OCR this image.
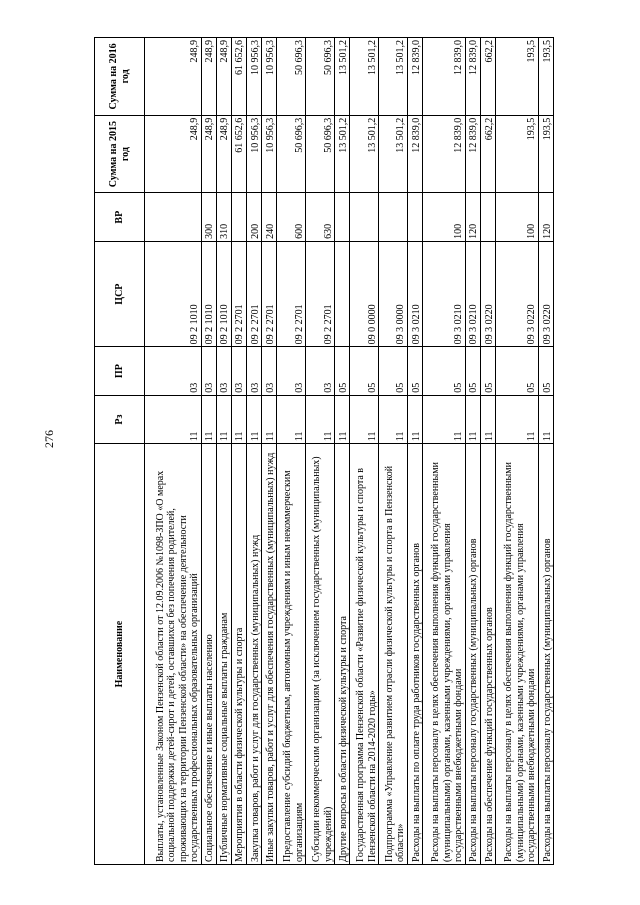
276
Наименование	Рз	ПР	ЦСР	ВР	Сумма на 2015 год	Сумма на 2016 год
Выплаты, установленные Законом Пензенской области от 12.09.2006 №1098-ЗПО «О мерах социальной поддержки детей-сирот и детей, оставшихся без попечения родителей, проживающих на территории Пензенской области» на обеспечение деятельности государственных профессиональных образовательных организаций	11	03	09 2 1010		248,9	248,9
Социальное обеспечение и иные выплаты населению	11	03	09 2 1010	300	248,9	248,9
Публичные нормативные социальные выплаты гражданам	11	03	09 2 1010	310	248,9	248,9
Мероприятия в области физической культуры и спорта	11	03	09 2 2701		61 652,6	61 652,6
Закупка товаров, работ и услуг для государственных (муниципальных) нужд	11	03	09 2 2701	200	10 956,3	10 956,3
Иные закупки товаров, работ и услуг для обеспечения государственных (муниципальных) нужд	11	03	09 2 2701	240	10 956,3	10 956,3
Предоставление субсидий бюджетным, автономным учреждениям и иным некоммерческим организациям	11	03	09 2 2701	600	50 696,3	50 696,3
Субсидии некоммерческим организациям (за исключением государственных (муниципальных) учреждений)	11	03	09 2 2701	630	50 696,3	50 696,3
Другие вопросы в области физической культуры и спорта	11	05			13 501,2	13 501,2
Государственная программа Пензенской области «Развитие физической культуры и спорта в Пензенской области на 2014-2020 годы»	11	05	09 0 0000		13 501,2	13 501,2
Подпрограмма «Управление развитием отрасли физической культуры и спорта в Пензенской области»	11	05	09 3 0000		13 501,2	13 501,2
Расходы на выплаты по оплате труда работников государственных органов	11	05	09 3 0210		12 839,0	12 839,0
Расходы на выплаты персоналу в целях обеспечения выполнения функций государственными (муниципальными) органами, казенными учреждениями, органами управления государственными внебюджетными фондами	11	05	09 3 0210	100	12 839,0	12 839,0
Расходы на выплаты персоналу государственных (муниципальных) органов	11	05	09 3 0210	120	12 839,0	12 839,0
Расходы на обеспечение функций государственных органов	11	05	09 3 0220		662,2	662,2
Расходы на выплаты персоналу в целях обеспечения выполнения функций государственными (муниципальными) органами, казенными учреждениями, органами управления государственными внебюджетными фондами	11	05	09 3 0220	100	193,5	193,5
Расходы на выплаты персоналу государственных (муниципальных) органов	11	05	09 3 0220	120	193,5	193,5
